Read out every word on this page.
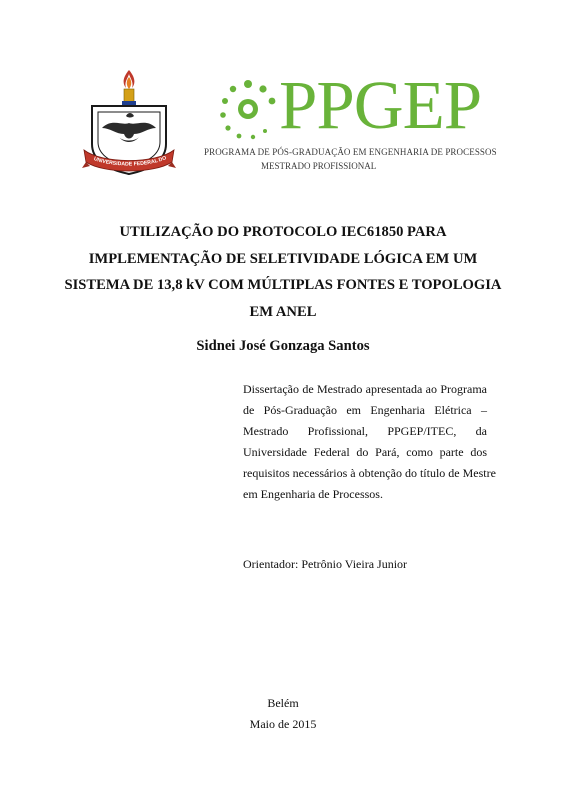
UNIVERSIDADE FEDERAL DO
PPGEP
PROGRAMA DE PÓS-GRADUAÇÃO EM ENGENHARIA DE PROCESSOS
MESTRADO PROFISSIONAL
UTILIZAÇÃO DO PROTOCOLO IEC61850 PARA
IMPLEMENTAÇÃO DE SELETIVIDADE LÓGICA EM UM
SISTEMA DE 13,8 kV COM MÚLTIPLAS FONTES E TOPOLOGIA
EM ANEL
Sidnei José Gonzaga Santos
Dissertação de Mestrado apresentada ao Programa
de Pós-Graduação em Engenharia Elétrica –
Mestrado Profissional, PPGEP/ITEC, da
Universidade Federal do Pará, como parte dos
requisitos necessários à obtenção do título de Mestre
em Engenharia de Processos.
Orientador: Petrônio Vieira Junior
Belém
Maio de 2015
